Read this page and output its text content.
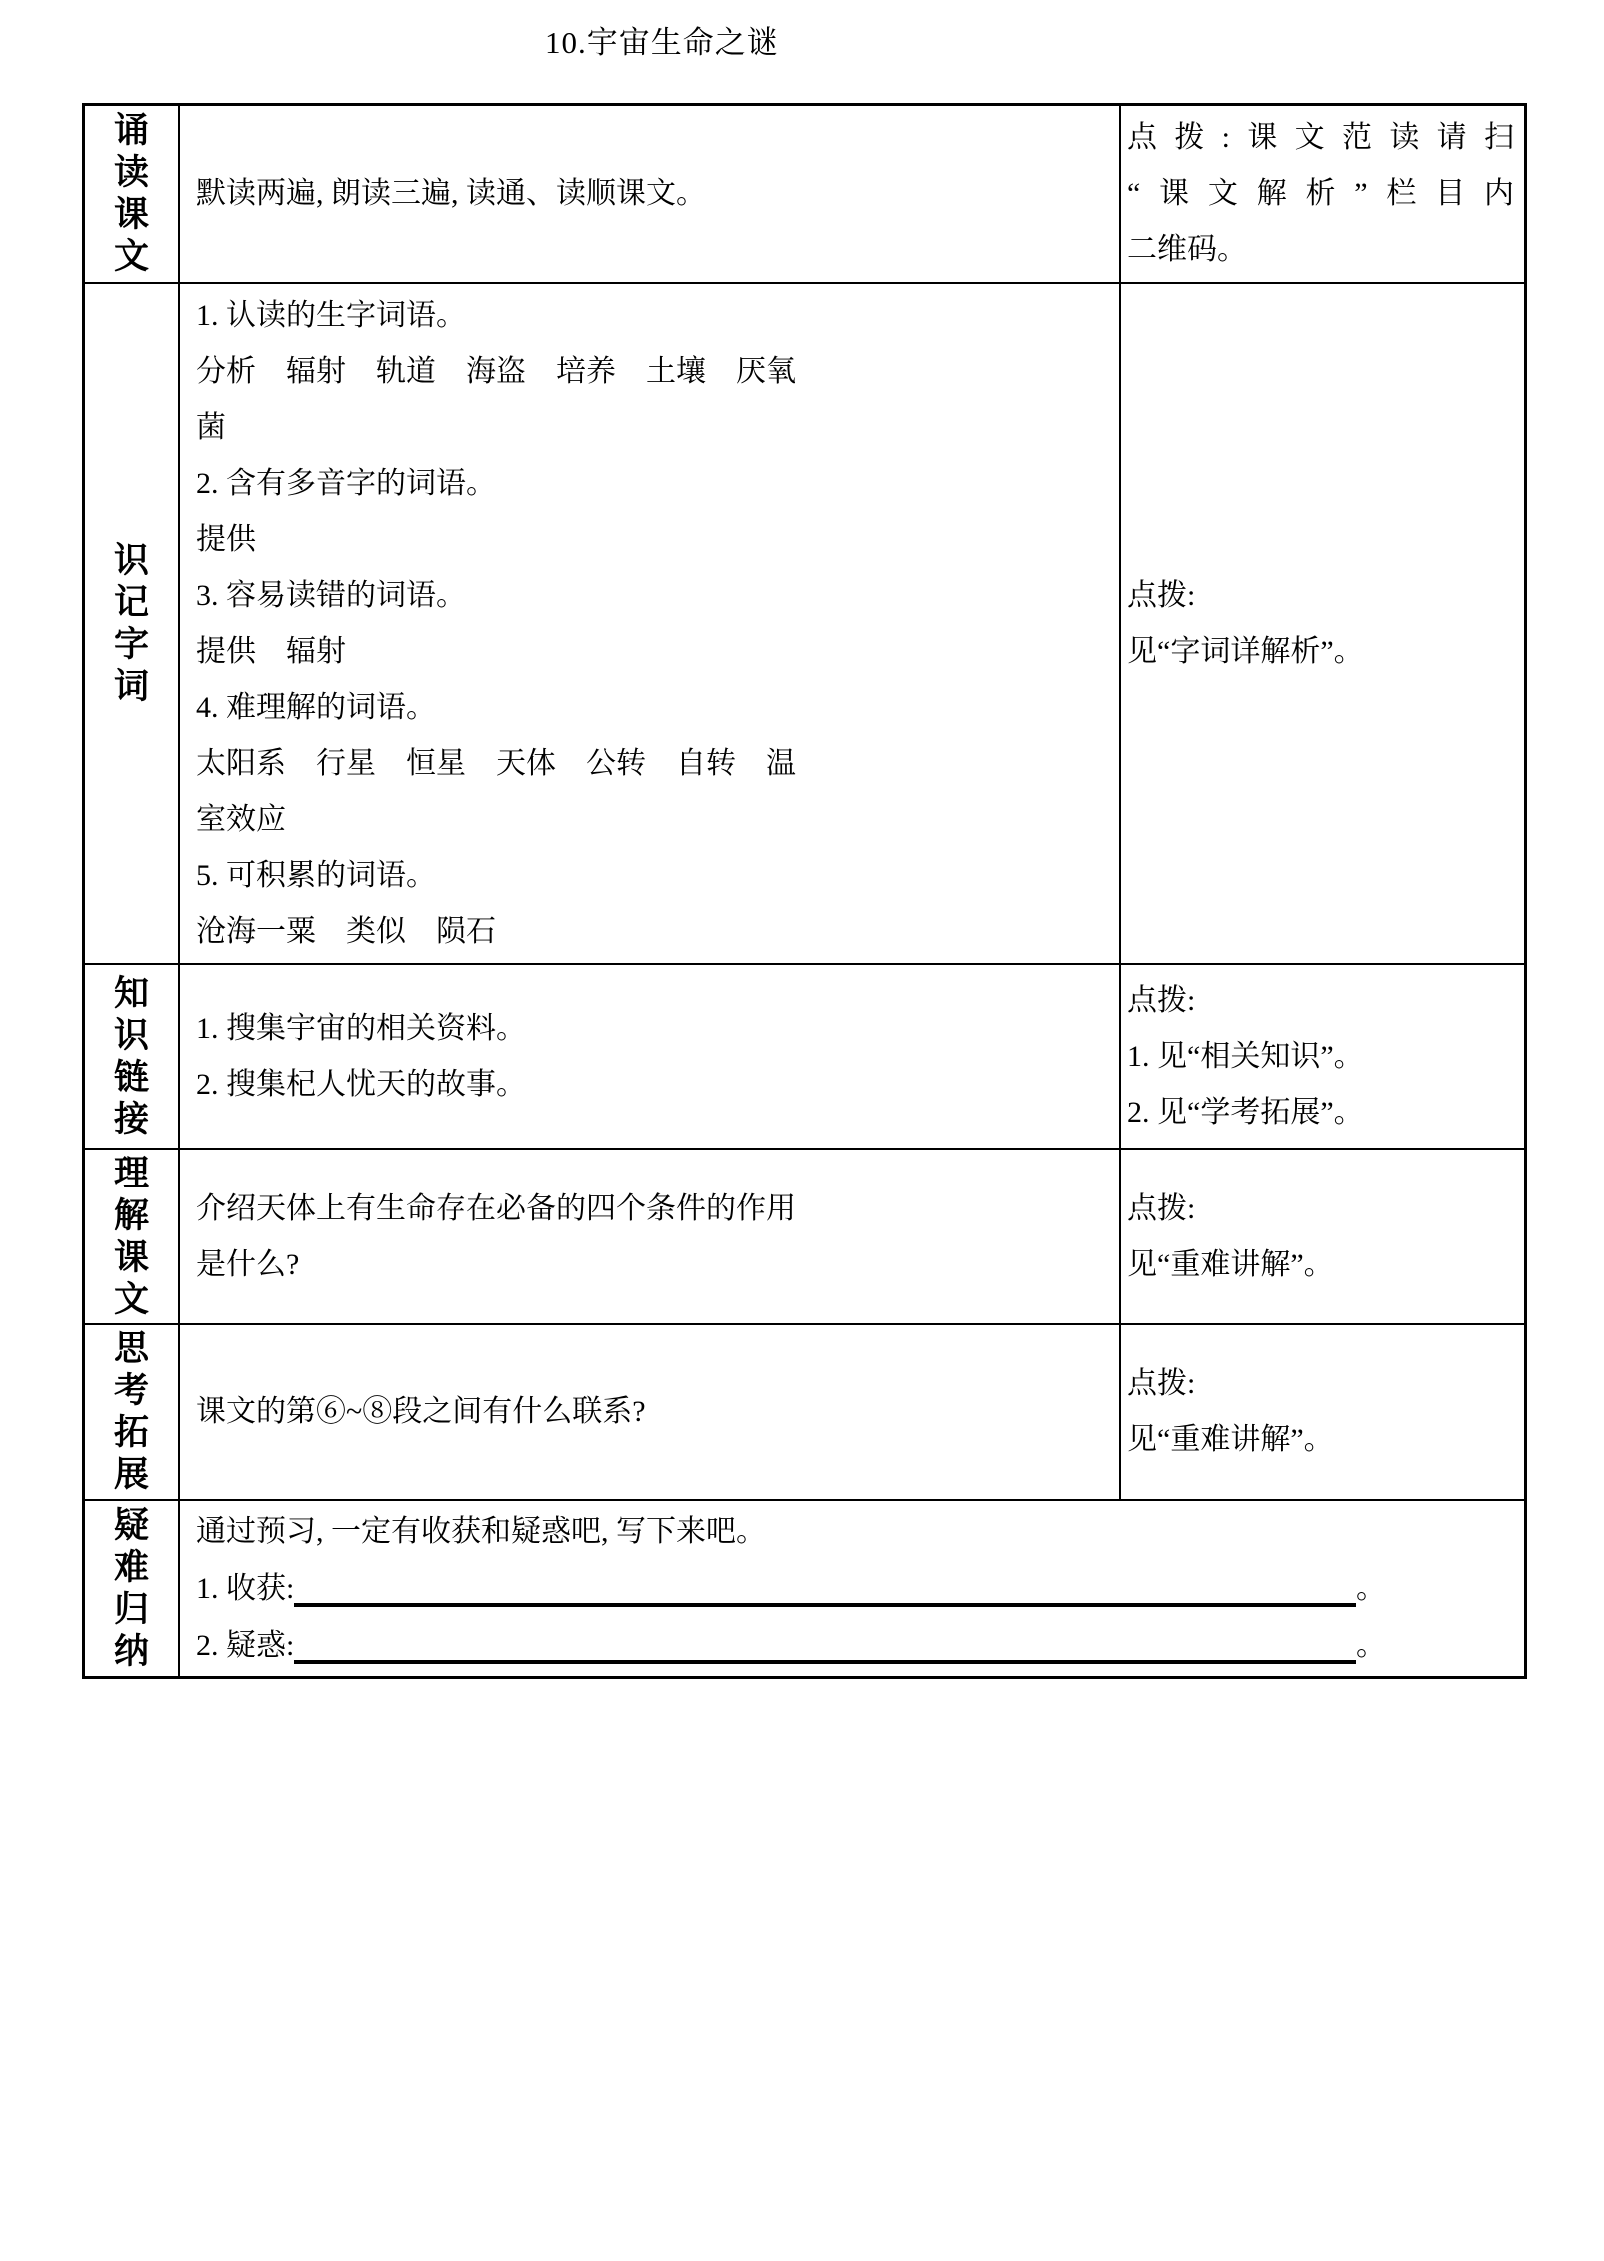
10.宇宙生命之谜
诵
读
课
文
默读两遍, 朗读三遍, 读通、读顺课文。
点拨:课文范读请扫
“课文解析”栏目内
二维码。
识
记
字
词
1. 认读的生字词语。
分析　辐射　轨道　海盗　培养　土壤　厌氧
菌
2. 含有多音字的词语。
提供
3. 容易读错的词语。
提供　辐射
4. 难理解的词语。
太阳系　行星　恒星　天体　公转　自转　温
室效应
5. 可积累的词语。
沧海一粟　类似　陨石
点拨:
见“字词详解析”。
知
识
链
接
1. 搜集宇宙的相关资料。
2. 搜集杞人忧天的故事。
点拨:
1. 见“相关知识”。
2. 见“学考拓展”。
理
解
课
文
介绍天体上有生命存在必备的四个条件的作用
是什么?
点拨:
见“重难讲解”。
思
考
拓
展
课文的第⑥~⑧段之间有什么联系?
点拨:
见“重难讲解”。
疑
难
归
纳
通过预习, 一定有收获和疑惑吧, 写下来吧。
1. 收获:	。
2. 疑惑:	。
